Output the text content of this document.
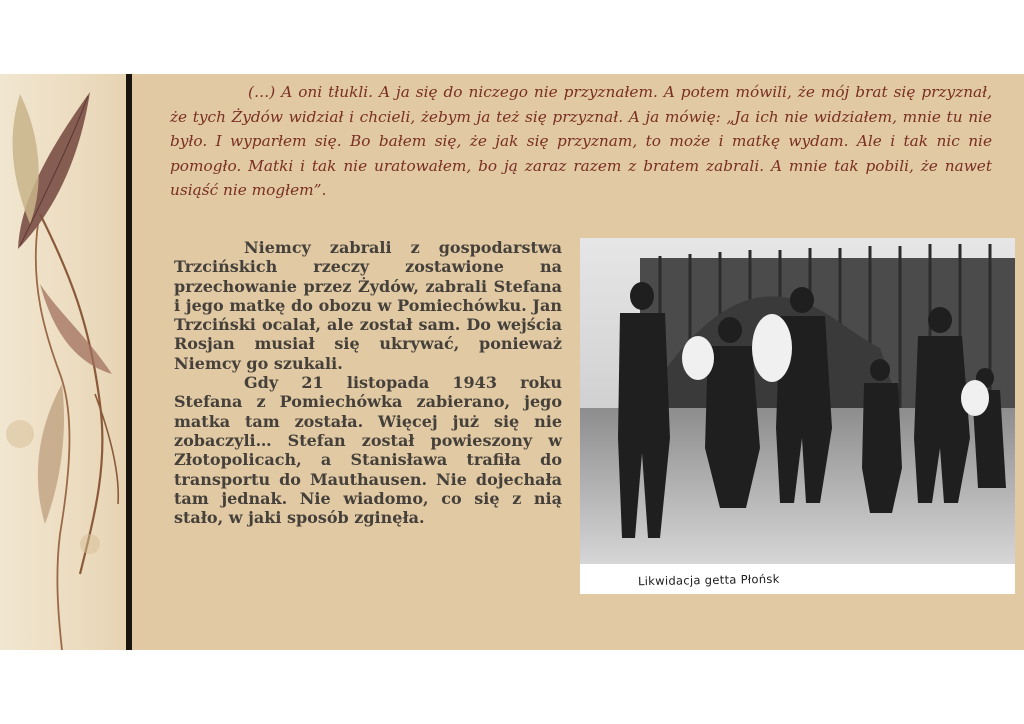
(…) A oni tłukli. A ja się do niczego nie przyznałem. A potem mówili, że mój brat się przyznał, że tych Żydów widział i chcieli, żebym ja też się przyznał. A ja mówię: „Ja ich nie widziałem, mnie tu nie było. I wyparłem się. Bo bałem się, że jak się przyznam, to może i matkę wydam. Ale i tak nic nie pomogło. Matki i tak nie uratowałem, bo ją zaraz razem z bratem zabrali. A mnie tak pobili, że nawet usiąść nie mogłem”.

Niemcy zabrali z gospodarstwa Trzcińskich rzeczy zostawione na przechowanie przez Żydów, zabrali Stefana i jego matkę do obozu w Pomiechówku. Jan Trzciński ocalał, ale został sam. Do wejścia Rosjan musiał się ukrywać, ponieważ Niemcy go szukali.

Gdy 21 listopada 1943 roku Stefana z Pomiechówka zabierano, jego matka tam została. Więcej już się nie zobaczyli… Stefan został powieszony w Złotopolicach, a Stanisława trafiła do transportu do Mauthausen. Nie dojechała tam jednak. Nie wiadomo, co się z nią stało, w jaki sposób zginęła.

Likwidacja getta Płońsk
